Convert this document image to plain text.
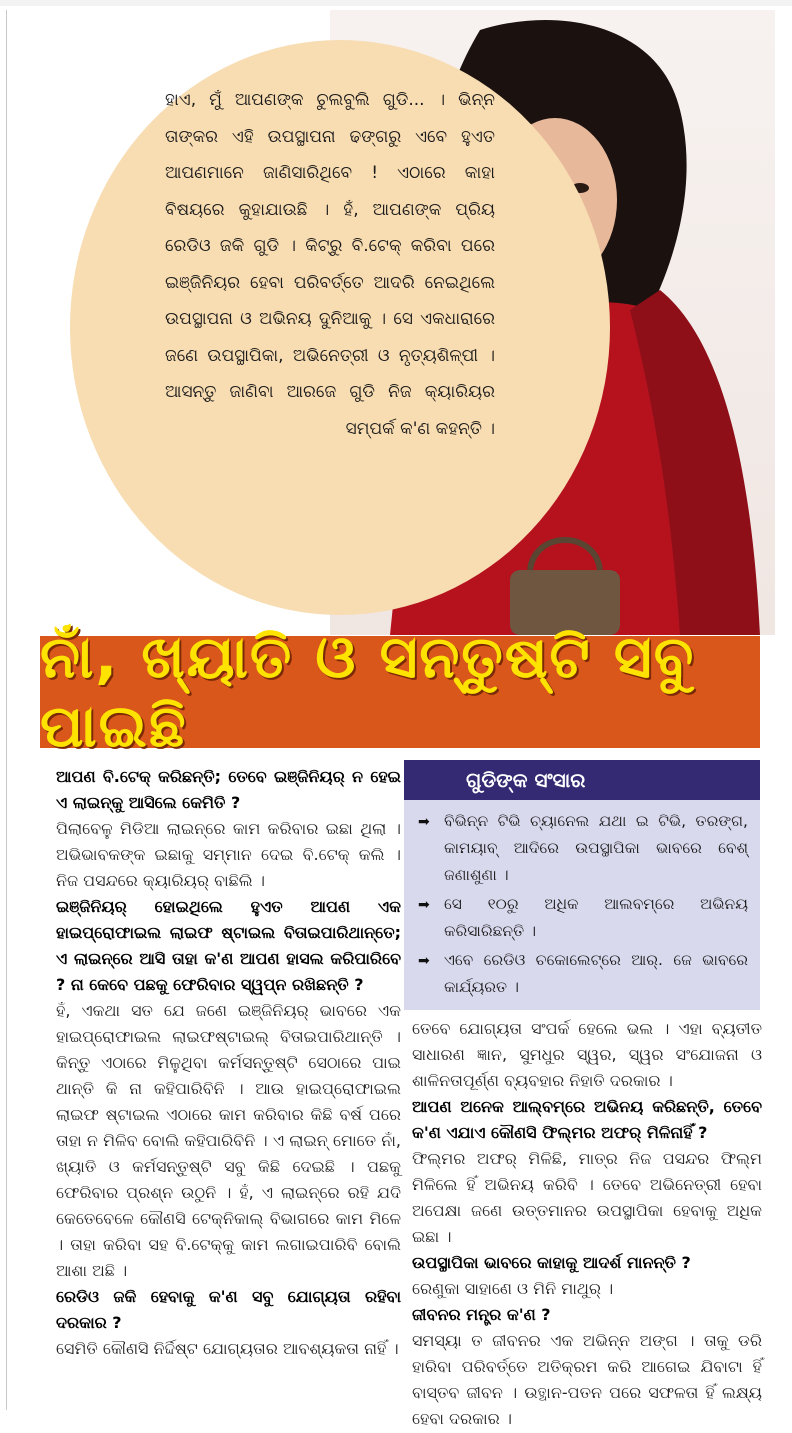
ହାଏ, ମୁଁ ଆପଣଙ୍କ ଚୁଲବୁଲି ଗୁଡି... । ଭିନ୍ନ ତାଙ୍କର ଏହି ଉପସ୍ଥାପନା ଢଙ୍ଗରୁ ଏବେ ହୁଏତ ଆପଣମାନେ ଜାଣିସାରିଥିବେ ! ଏଠାରେ କାହା ବିଷୟରେ କୁହାଯାଉଛି । ହଁ, ଆପଣଙ୍କ ପ୍ରିୟ ରେଡିଓ ଜକି ଗୁଡି । କିଟ୍‌ରୁ ବି.ଟେକ୍ କରିବା ପରେ ଇଞ୍ଜିନିୟର ହେବା ପରିବର୍ତ୍ତେ ଆଦରି ନେଇଥିଲେ ଉପସ୍ଥାପନା ଓ ଅଭିନୟ ଦୁନିଆକୁ । ସେ ଏକଧାରାରେ ଜଣେ ଉପସ୍ଥାପିକା, ଅଭିନେତ୍ରୀ ଓ ନୃତ୍ୟଶିଳ୍ପୀ । ଆସନ୍ତୁ ଜାଣିବା ଆରଜେ ଗୁଡି ନିଜ କ୍ୟାରିୟର ସମ୍ପର୍କ କ'ଣ କହନ୍ତି ।
ନାଁ, ଖ୍ୟାତି ଓ ସନ୍ତୁଷ୍ଟି ସବୁ ପାଇଛି

ଆପଣ ବି.ଟେକ୍ କରିଛନ୍ତି; ତେବେ ଇଞ୍ଜିନିୟର୍ ନ ହେଇ ଏ ଲାଇନ୍‌କୁ ଆସିଲେ କେମିତି ?

ପିଲାବେଳୁ ମିଡିଆ ଲାଇନ୍‌ରେ କାମ କରିବାର ଇଛା ଥିଲା । ଅଭିଭାବକଙ୍କ ଇଛାକୁ ସମ୍ମାନ ଦେଇ ବି.ଟେକ୍ କଲି । ନିଜ ପସନ୍ଦରେ କ୍ୟାରିୟର୍ ବାଛିଲି ।

ଇଞ୍ଜିନିୟର୍ ହୋଇଥିଲେ ହୁଏତ ଆପଣ ଏକ ହାଇପ୍ରୋଫାଇଲ ଲାଇଫ ଷ୍ଟାଇଲ ବିତାଇପାରିଥାନ୍ତେ; ଏ ଲାଇନ୍‌ରେ ଆସି ତାହା କ'ଣ ଆପଣ ହାସଲ କରିପାରିବେ ? ନା କେବେ ପଛକୁ ଫେରିବାର ସ୍ୱପ୍ନ ରଖିଛନ୍ତି ?

ହଁ, ଏକଥା ସତ ଯେ ଜଣେ ଇଞ୍ଜିନିୟର୍ ଭାବରେ ଏକ ହାଇପ୍ରୋଫାଇଲ ଲାଇଫଷ୍ଟାଇଲ୍ ବିତାଇପାରିଥାନ୍ତି । କିନ୍ତୁ ଏଠାରେ ମିଳୁଥିବା କର୍ମସନ୍ତୁଷ୍ଟି ସେଠାରେ ପାଇ ଥାନ୍ତି କି ନା କହିପାରିବିନି । ଆଉ ହାଇପ୍ରୋଫାଇଲ ଲାଇଫ ଷ୍ଟାଇଲ ଏଠାରେ କାମ କରିବାର କିଛି ବର୍ଷ ପରେ ତାହା ନ ମିଳିବ ବୋଲି କହିପାରିବିନି । ଏ ଲାଇନ୍ ମୋତେ ନାଁ, ଖ୍ୟାତି ଓ କର୍ମସନ୍ତୁଷ୍ଟି ସବୁ କିଛି ଦେଇଛି । ପଛକୁ ଫେରିବାର ପ୍ରଶ୍ନ ଉଠୁନି । ହଁ, ଏ ଲାଇନ୍‌ରେ ରହି ଯଦି କେତେବେଳେ କୌଣସି ଟେକ୍ନିକାଲ୍ ବିଭାଗରେ କାମ ମିଳେ । ତାହା କରିବା ସହ ବି.ଟେକ୍‌କୁ କାମ ଲଗାଇପାରିବି ବୋଲି ଆଶା ଅଛି ।

ରେଡିଓ ଜକି ହେବାକୁ କ'ଣ ସବୁ ଯୋଗ୍ୟତା ରହିବା ଦରକାର ?

ସେମିତି କୌଣସି ନିର୍ଦ୍ଦିଷ୍ଟ ଯୋଗ୍ୟତାର ଆବଶ୍ୟକତା ନାହିଁ ।

ଗୁଡିଙ୍କ ସଂସାର
➡ ବିଭିନ୍ନ ଟିଭି ଚ୍ୟାନେଲ ଯଥା ଇ ଟିଭି, ତରଙ୍ଗ, କାମୟାବ୍ ଆଦିରେ ଉପସ୍ଥାପିକା ଭାବରେ ବେଶ୍ ଜଣାଶୁଣା ।
➡ ସେ ୧୦ରୁ ଅଧିକ ଆଲବମ୍‌ରେ ଅଭିନୟ କରିସାରିଛନ୍ତି ।
➡ ଏବେ ରେଡିଓ ଚକୋଲେଟ୍‌ରେ ଆର୍. ଜେ ଭାବରେ କାର୍ଯ୍ୟରତ ।

ତେବେ ଯୋଗ୍ୟତା ସଂପର୍କ ହେଲେ ଭଲ । ଏହା ବ୍ୟତୀତ ସାଧାରଣ ଜ୍ଞାନ, ସୁମଧୁର ସ୍ୱର, ସ୍ୱର ସଂଯୋଜନା ଓ ଶାଳିନତାପୂର୍ଣ୍ଣ ବ୍ୟବହାର ନିହାତି ଦରକାର ।

ଆପଣ ଅନେକ ଆଲ୍‌ବମ୍‌ରେ ଅଭିନୟ କରିଛନ୍ତି, ତେବେ କ'ଣ ଏଯାଏ କୌଣସି ଫିଲ୍ମର ଅଫର୍ ମିଳିନାହିଁ ?

ଫିଲ୍ମର ଅଫର୍ ମିଳିଛି, ମାତ୍ର ନିଜ ପସନ୍ଦର ଫିଲ୍ମ ମିଳିଲେ ହିଁ ଅଭିନୟ କରିବି । ତେବେ ଅଭିନେତ୍ରୀ ହେବା ଅପେକ୍ଷା ଜଣେ ଉତ୍ତମାନର ଉପସ୍ଥାପିକା ହେବାକୁ ଅଧିକ ଇଛା ।

ଉପସ୍ଥାପିକା ଭାବରେ କାହାକୁ ଆଦର୍ଶ ମାନନ୍ତି ?

ରେଣୁକା ସାହାଣେ ଓ ମିନି ମାଥୁର୍ ।

ଜୀବନର ମନ୍ତ୍ର କ'ଣ ?

ସମସ୍ୟା ତ ଜୀବନର ଏକ ଅଭିନ୍ନ ଅଙ୍ଗ । ତାକୁ ଡରି ହାରିବା ପରିବର୍ତ୍ତେ ଅତିକ୍ରମ କରି ଆଗେଇ ଯିବାଟା ହିଁ ବାସ୍ତବ ଜୀବନ । ଉତ୍ଥାନ-ପତନ ପରେ ସଫଳତା ହିଁ ଲକ୍ଷ୍ୟ ହେବା ଦରକାର ।
